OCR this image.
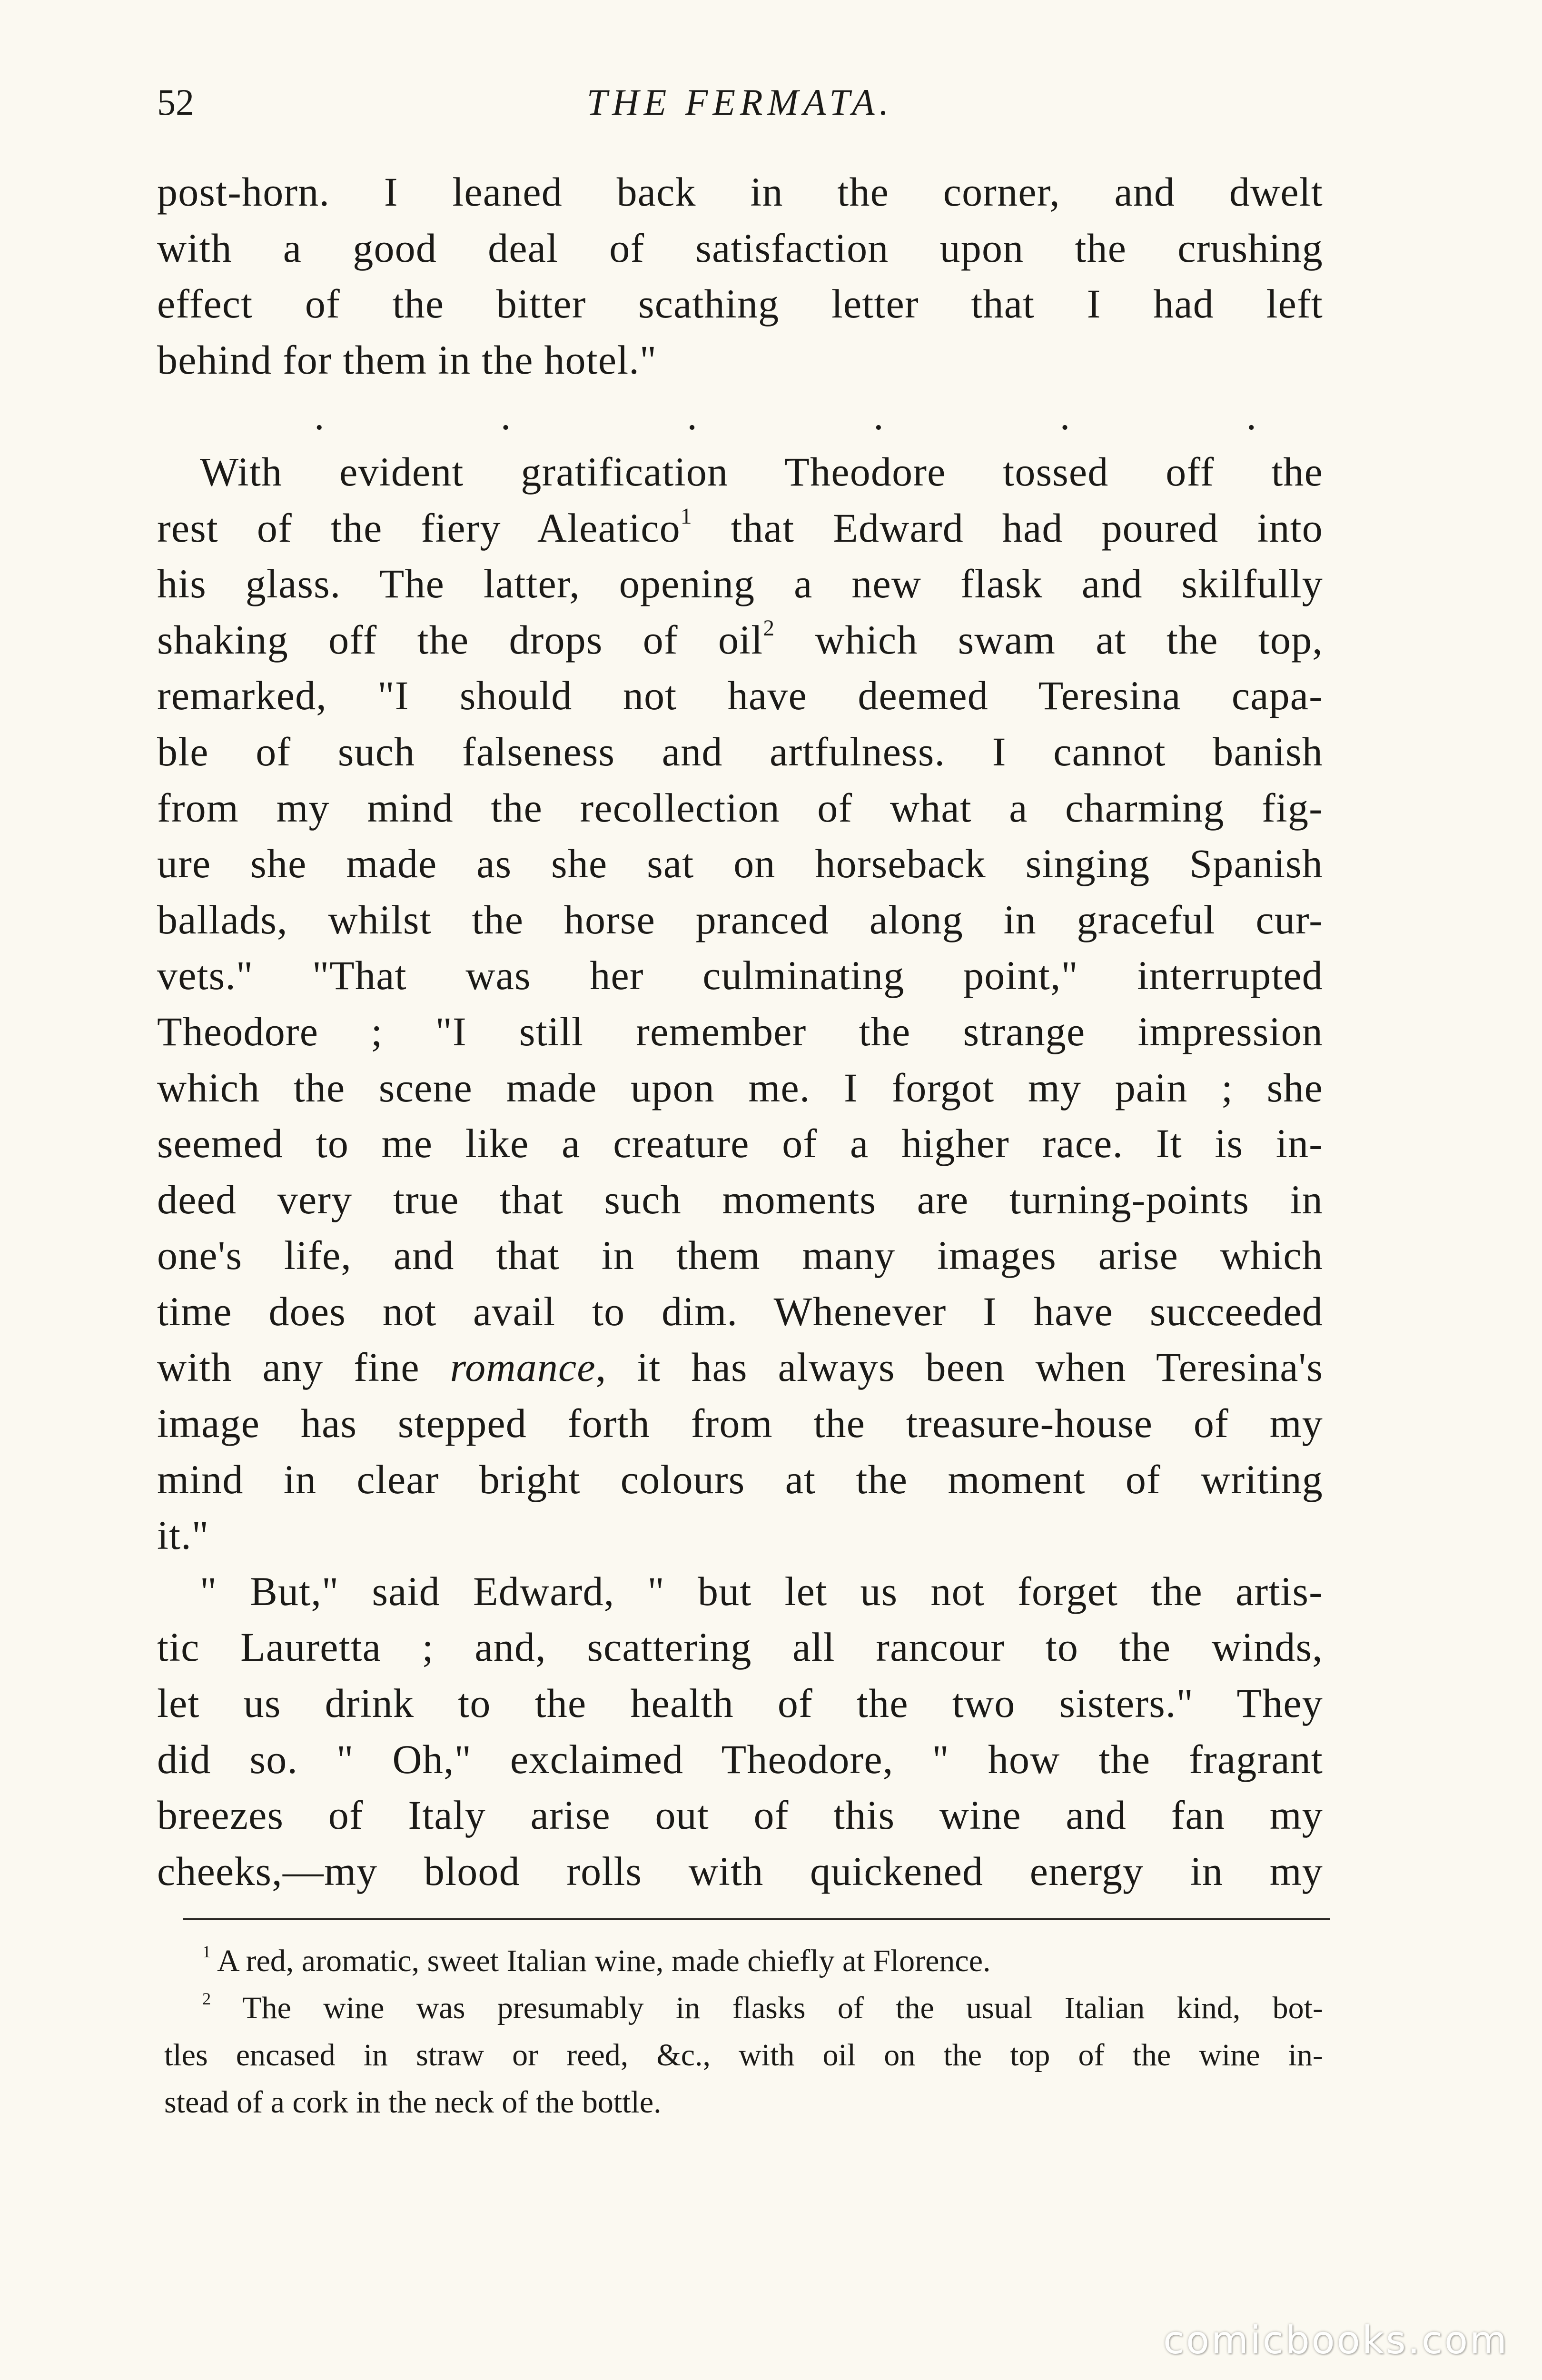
52	THE FERMATA.
post-horn. I leaned back in the corner, and dwelt
with a good deal of satisfaction upon the crushing
effect of the bitter scathing letter that I had left
behind for them in the hotel."
.	.	.	.	.	.
With evident gratification Theodore tossed off the
rest of the fiery Aleatico$^1$ that Edward had poured into
his glass. The latter, opening a new flask and skilfully
shaking off the drops of oil$^2$ which swam at the top,
remarked, "I should not have deemed Teresina capa-
ble of such falseness and artfulness. I cannot banish
from my mind the recollection of what a charming fig-
ure she made as she sat on horseback singing Spanish
ballads, whilst the horse pranced along in graceful cur-
vets." "That was her culminating point," interrupted
Theodore ; "I still remember the strange impression
which the scene made upon me. I forgot my pain ; she
seemed to me like a creature of a higher race. It is in-
deed very true that such moments are turning-points in
one's life, and that in them many images arise which
time does not avail to dim. Whenever I have succeeded
with any fine romance, it has always been when Teresina's
image has stepped forth from the treasure-house of my
mind in clear bright colours at the moment of writing
it."
" But," said Edward, " but let us not forget the artis-
tic Lauretta ; and, scattering all rancour to the winds,
let us drink to the health of the two sisters." They
did so. " Oh," exclaimed Theodore, " how the fragrant
breezes of Italy arise out of this wine and fan my
cheeks,—my blood rolls with quickened energy in my
$^1$ A red, aromatic, sweet Italian wine, made chiefly at Florence.
$^2$ The wine was presumably in flasks of the usual Italian kind, bot-
tles encased in straw or reed, &c., with oil on the top of the wine in-
stead of a cork in the neck of the bottle.
comicbooks.com
